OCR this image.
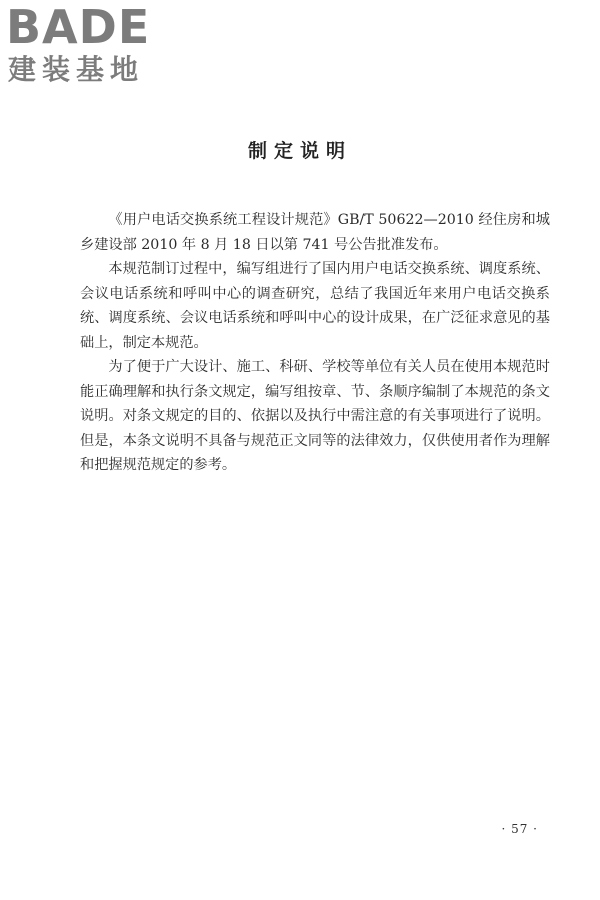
BADE
建装基地
制定说明

《用户电话交换系统工程设计规范》GB/T 50622—2010 经住房和城乡建设部 2010 年 8 月 18 日以第 741 号公告批准发布。

本规范制订过程中，编写组进行了国内用户电话交换系统、调度系统、会议电话系统和呼叫中心的调查研究，总结了我国近年来用户电话交换系统、调度系统、会议电话系统和呼叫中心的设计成果，在广泛征求意见的基础上，制定本规范。

为了便于广大设计、施工、科研、学校等单位有关人员在使用本规范时能正确理解和执行条文规定，编写组按章、节、条顺序编制了本规范的条文说明。对条文规定的目的、依据以及执行中需注意的有关事项进行了说明。但是，本条文说明不具备与规范正文同等的法律效力，仅供使用者作为理解和把握规范规定的参考。

· 57 ·
